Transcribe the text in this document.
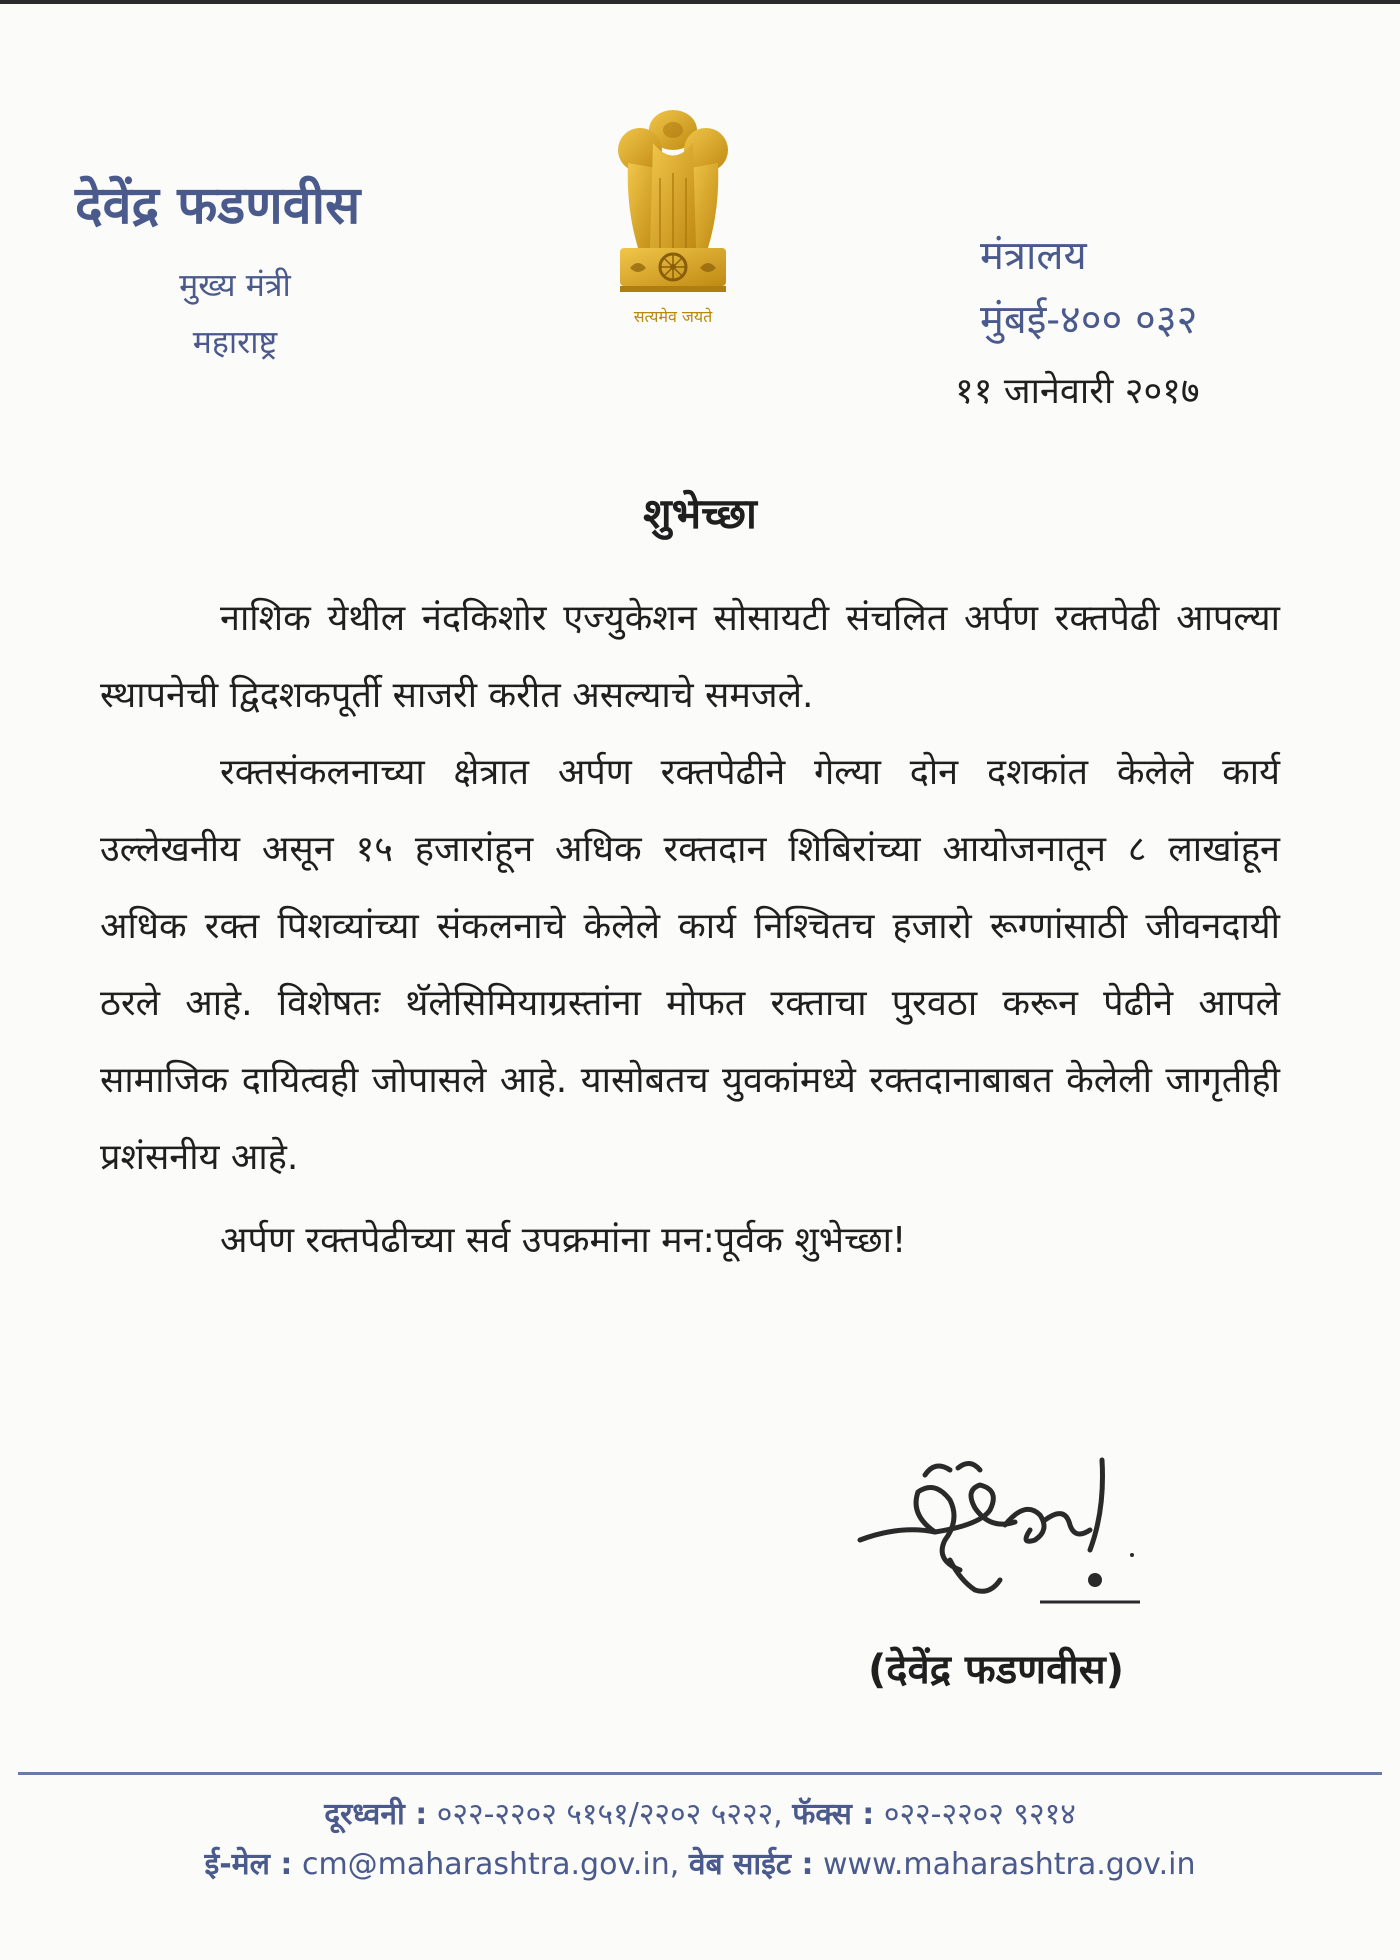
देवेंद्र फडणवीस
मुख्य मंत्री
महाराष्ट्र
सत्यमेव जयते
मंत्रालय
मुंबई-४०० ०३२
११ जानेवारी २०१७
शुभेच्छा

नाशिक येथील नंदकिशोर एज्युकेशन सोसायटी संचलित अर्पण रक्तपेढी आपल्या स्थापनेची द्विदशकपूर्ती साजरी करीत असल्याचे समजले.

रक्तसंकलनाच्या क्षेत्रात अर्पण रक्तपेढीने गेल्या दोन दशकांत केलेले कार्य उल्लेखनीय असून १५ हजारांहून अधिक रक्तदान शिबिरांच्या आयोजनातून ८ लाखांहून अधिक रक्त पिशव्यांच्या संकलनाचे केलेले कार्य निश्चितच हजारो रूग्णांसाठी जीवनदायी ठरले आहे. विशेषतः थॅलेसिमियाग्रस्तांना मोफत रक्ताचा पुरवठा करून पेढीने आपले सामाजिक दायित्वही जोपासले आहे. यासोबतच युवकांमध्ये रक्तदानाबाबत केलेली जागृतीही प्रशंसनीय आहे.

अर्पण रक्तपेढीच्या सर्व उपक्रमांना मन:पूर्वक शुभेच्छा!

(देवेंद्र फडणवीस)
दूरध्वनी : ०२२-२२०२ ५१५१/२२०२ ५२२२, फॅक्स : ०२२-२२०२ ९२१४
ई-मेल : cm@maharashtra.gov.in, वेब साईट : www.maharashtra.gov.in
